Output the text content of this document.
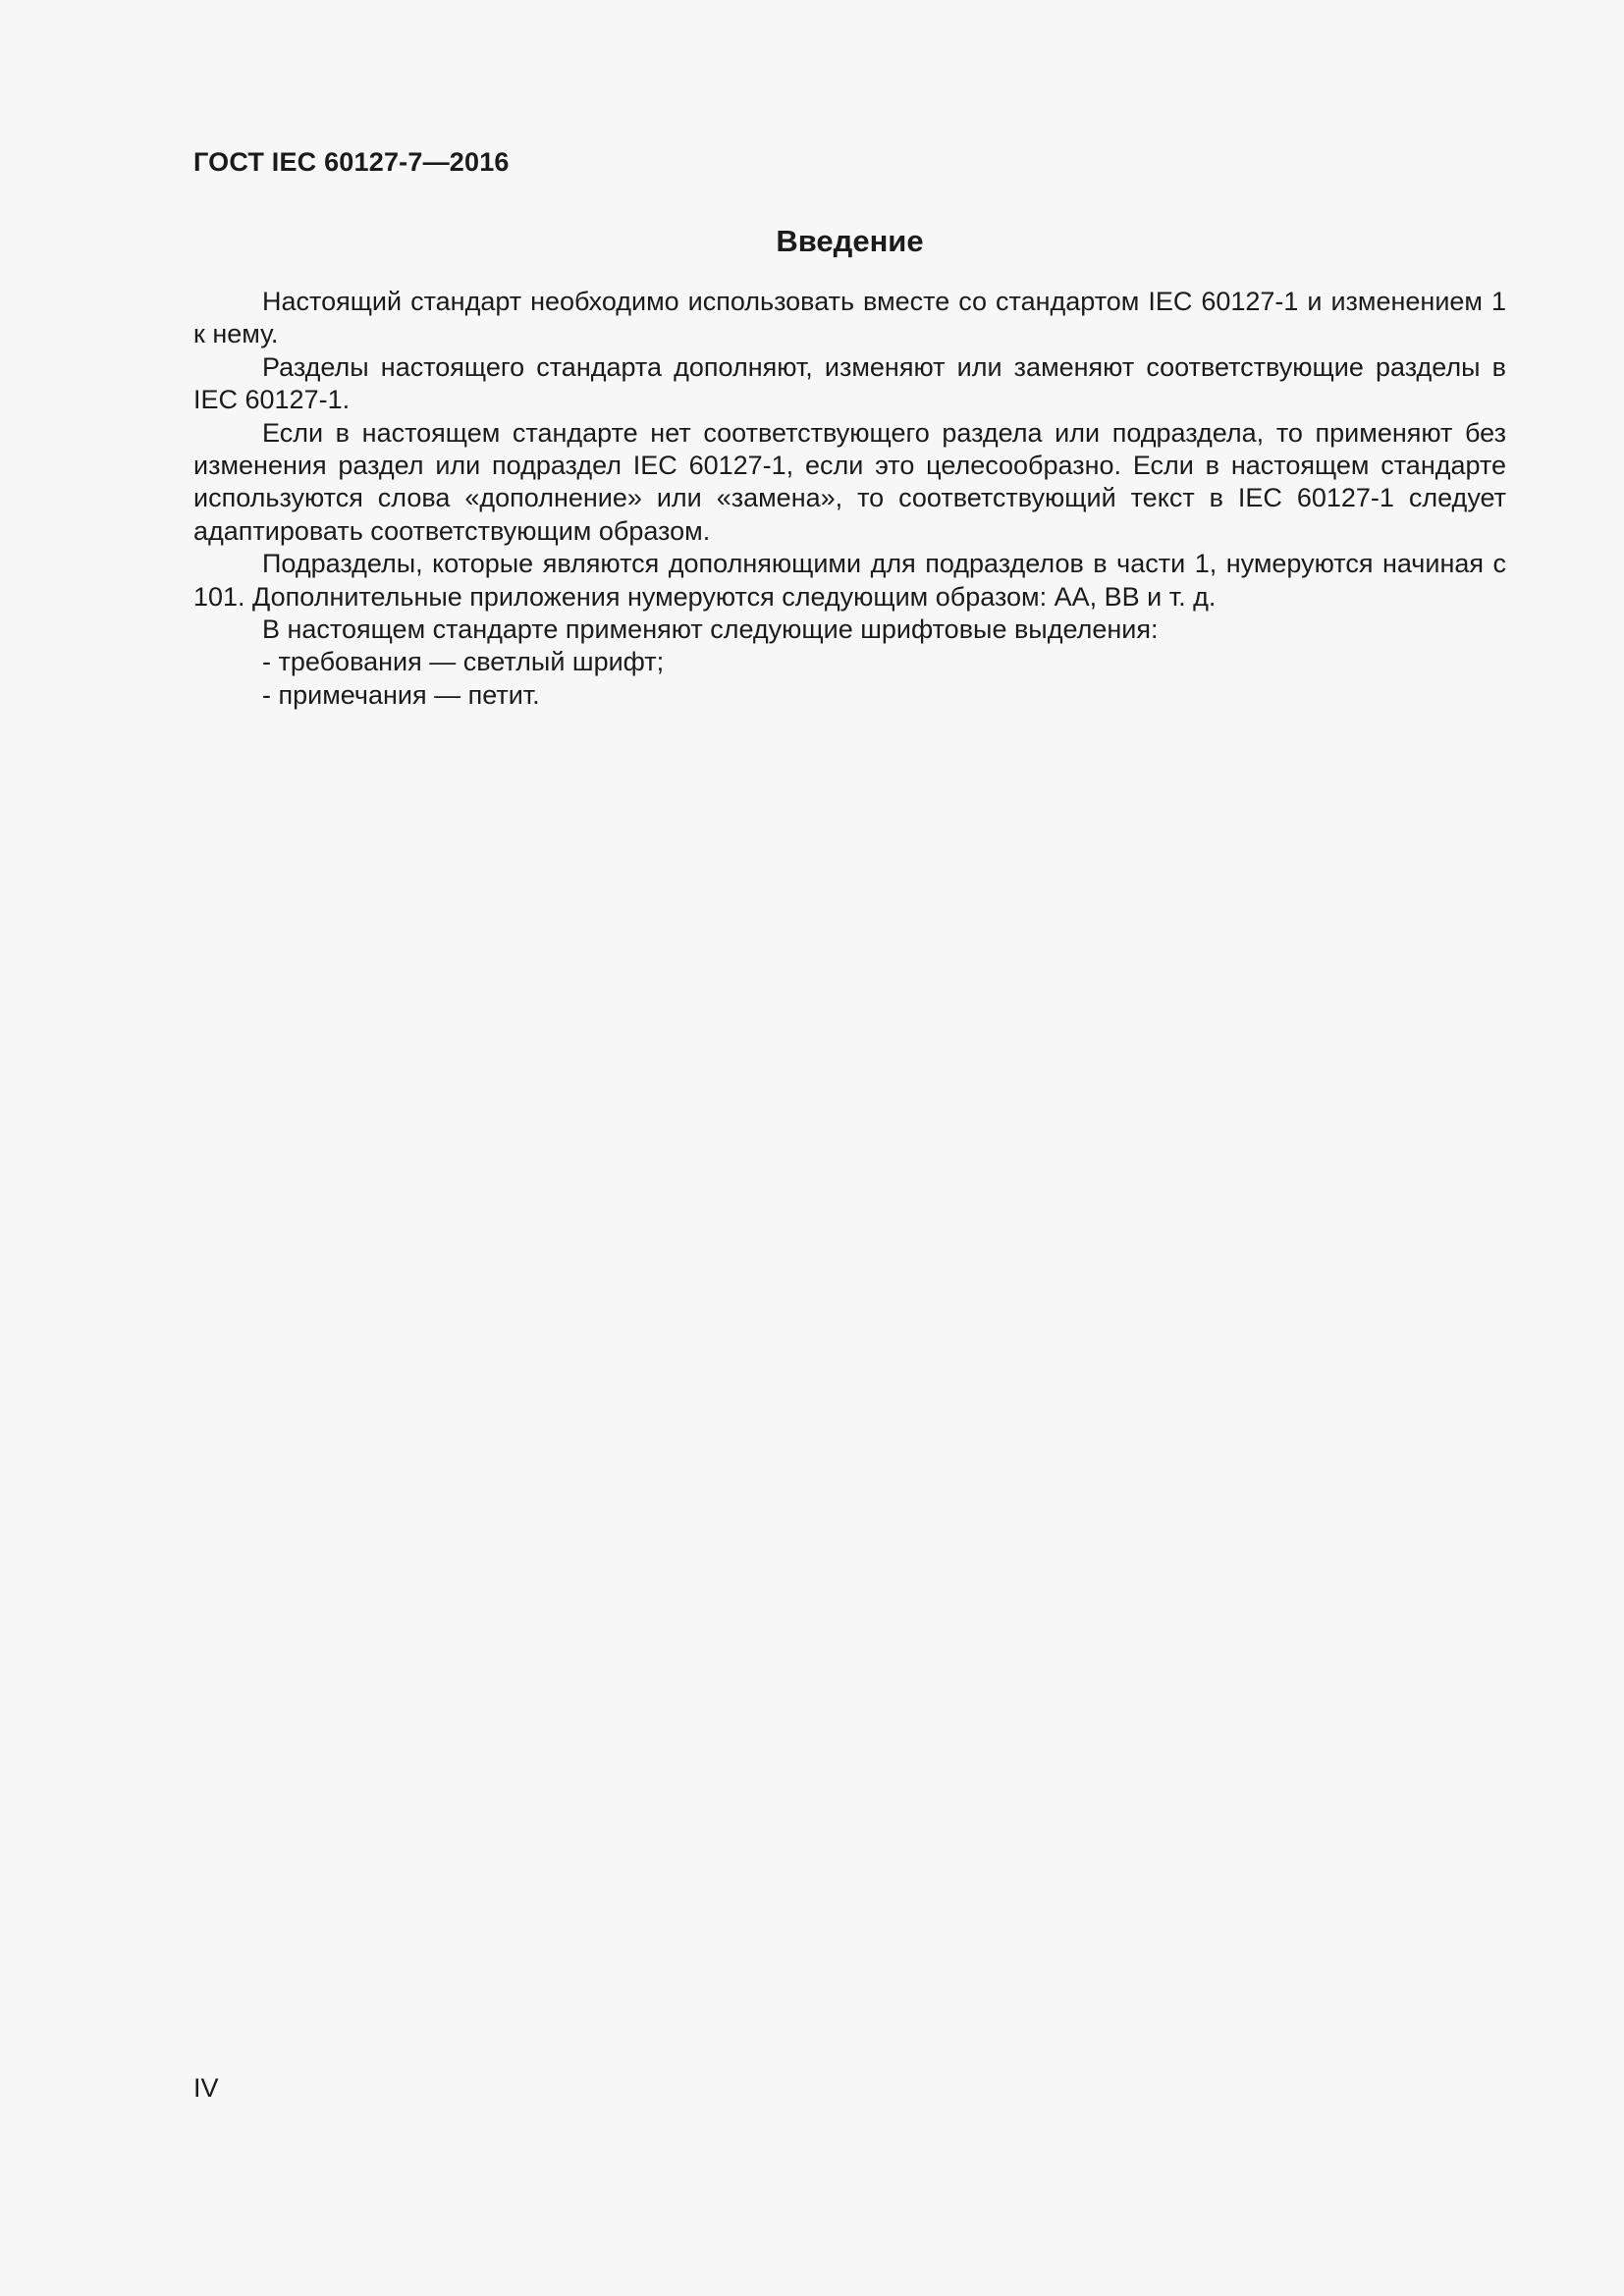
ГОСТ IEC 60127-7—2016

Введение

Настоящий стандарт необходимо использовать вместе со стандартом IEC 60127-1 и изменением 1 к нему.

Разделы настоящего стандарта дополняют, изменяют или заменяют соответствующие разделы в IEC 60127-1.

Если в настоящем стандарте нет соответствующего раздела или подраздела, то применяют без изменения раздел или подраздел IEC 60127-1, если это целесообразно. Если в настоящем стандарте используются слова «дополнение» или «замена», то соответствующий текст в IEC 60127-1 следует адаптировать соответствующим образом.

Подразделы, которые являются дополняющими для подразделов в части 1, нумеруются начиная с 101. Дополнительные приложения нумеруются следующим образом: АА, ВВ и т. д.

В настоящем стандарте применяют следующие шрифтовые выделения:

- требования — светлый шрифт;

- примечания — петит.

IV
